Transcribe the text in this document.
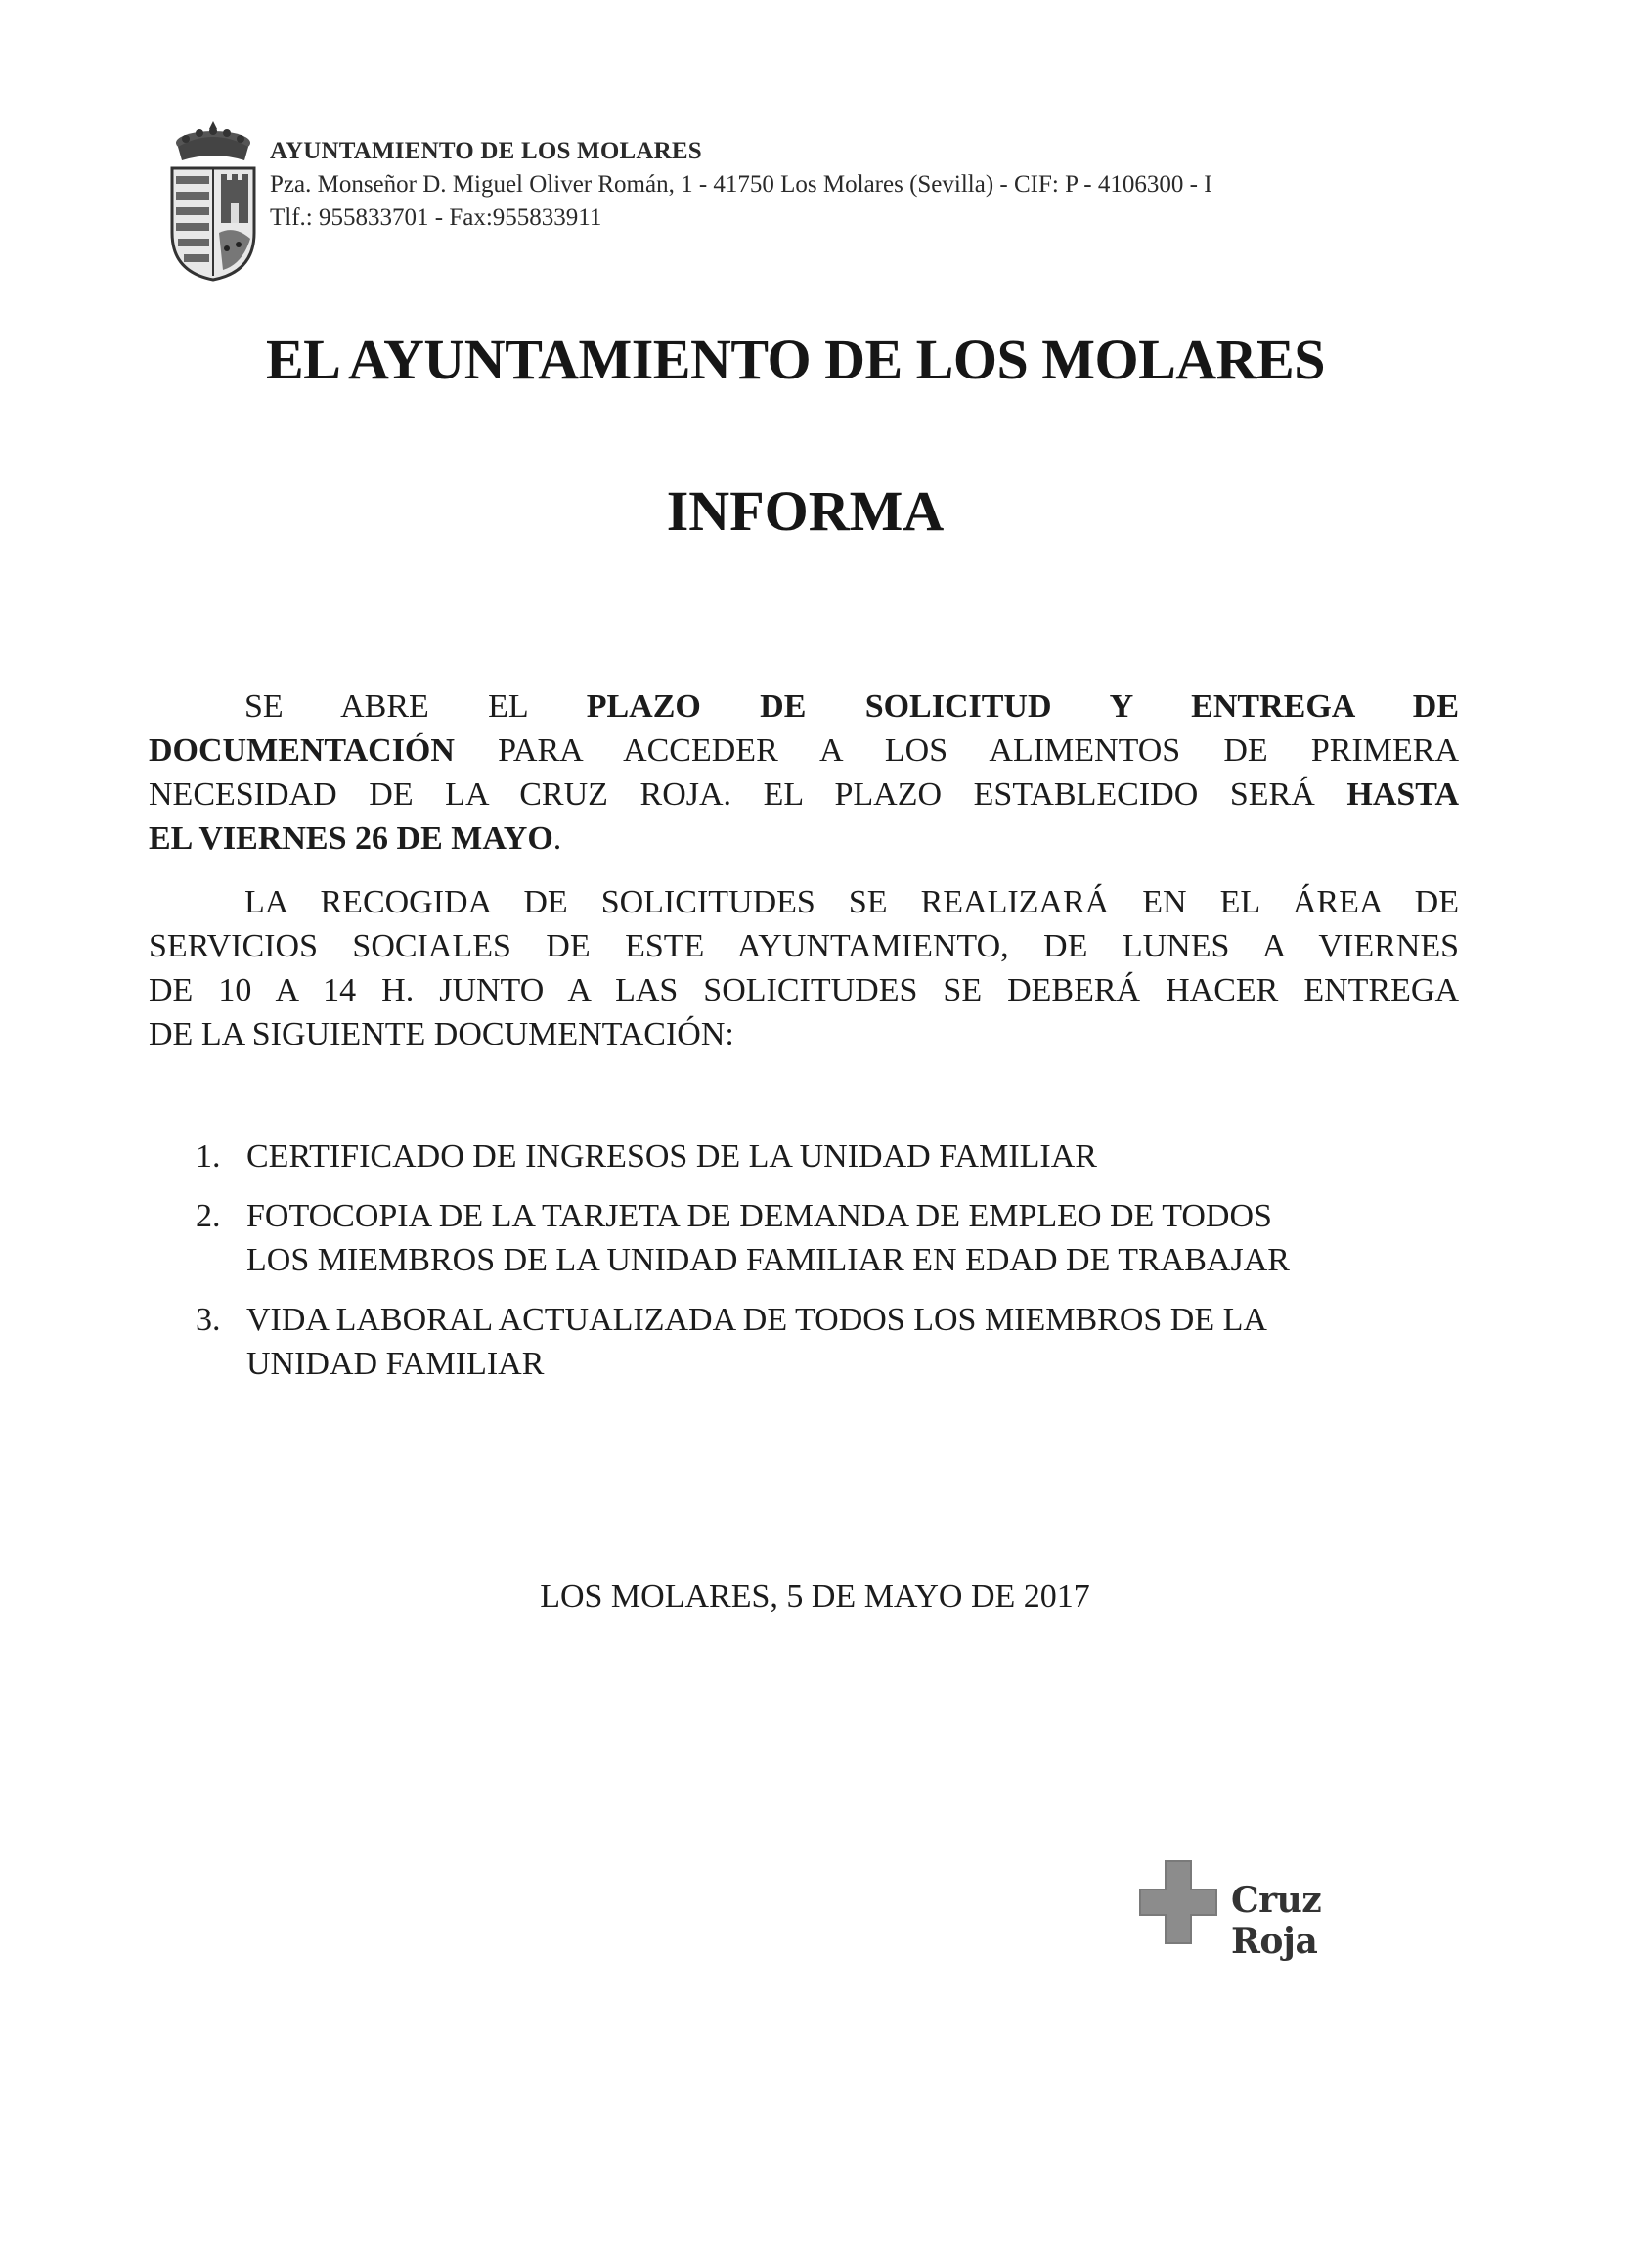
AYUNTAMIENTO DE LOS MOLARES
Pza. Monseñor D. Miguel Oliver Román, 1 - 41750 Los Molares (Sevilla) - CIF: P - 4106300 - I
Tlf.: 955833701 - Fax:955833911
EL AYUNTAMIENTO DE LOS MOLARES
INFORMA
SE ABRE EL PLAZO DE SOLICITUD Y ENTREGA DE
DOCUMENTACIÓN PARA ACCEDER A LOS ALIMENTOS DE PRIMERA
NECESIDAD DE LA CRUZ ROJA. EL PLAZO ESTABLECIDO SERÁ HASTA
EL VIERNES 26 DE MAYO.
LA RECOGIDA DE SOLICITUDES SE REALIZARÁ EN EL ÁREA DE
SERVICIOS SOCIALES DE ESTE AYUNTAMIENTO, DE LUNES A VIERNES
DE 10 A 14 H. JUNTO A LAS SOLICITUDES SE DEBERÁ HACER ENTREGA
DE LA SIGUIENTE DOCUMENTACIÓN:
1. CERTIFICADO DE INGRESOS DE LA UNIDAD FAMILIAR
2. FOTOCOPIA DE LA TARJETA DE DEMANDA DE EMPLEO DE TODOS
LOS MIEMBROS DE LA UNIDAD FAMILIAR EN EDAD DE TRABAJAR
3. VIDA LABORAL ACTUALIZADA DE TODOS LOS MIEMBROS DE LA
UNIDAD FAMILIAR
LOS MOLARES, 5 DE MAYO DE 2017
Cruz Roja
